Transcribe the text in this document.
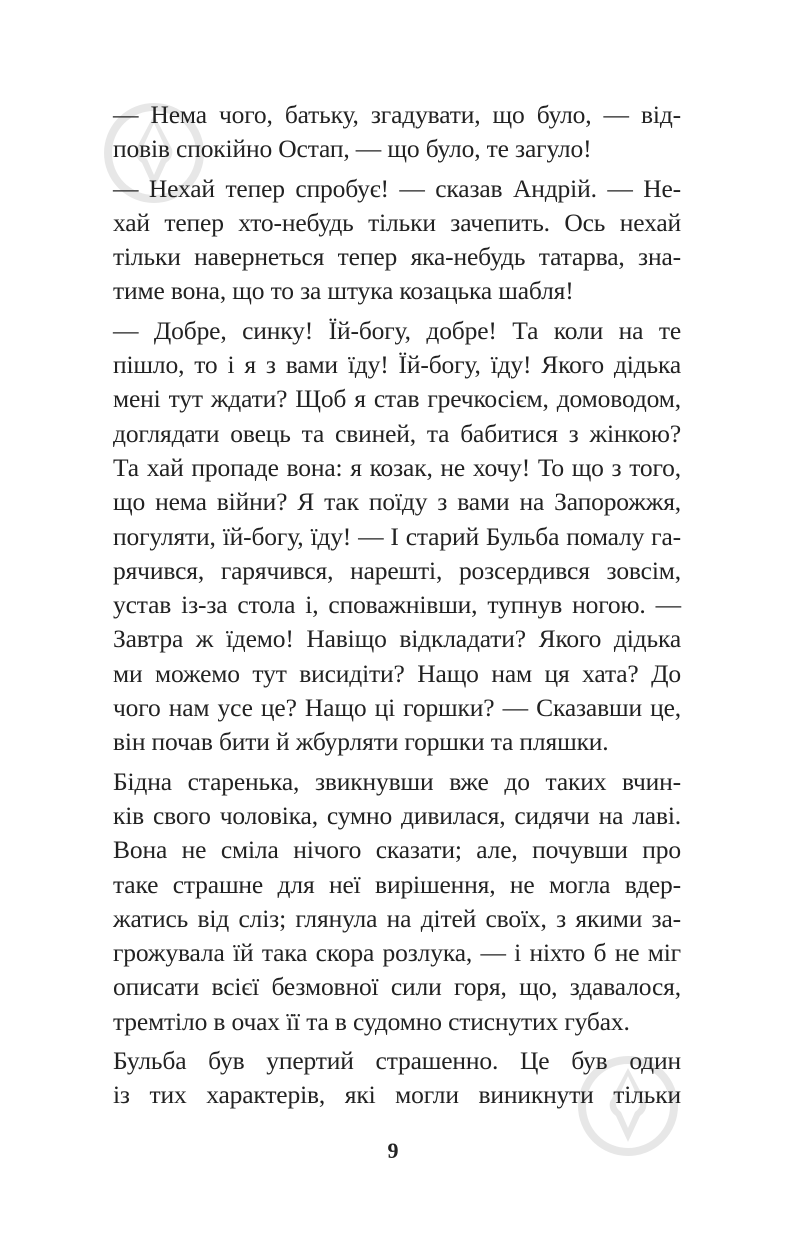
— Нема чого, батьку, згадувати, що було, — від-
повів спокійно Остап, — що було, те загуло!
— Нехай тепер спробує! — сказав Андрій. — Не-
хай тепер хто-небудь тільки зачепить. Ось нехай
тільки навернеться тепер яка-небудь татарва, зна-
тиме вона, що то за штука козацька шабля!
— Добре, синку! Їй-богу, добре! Та коли на те
пішло, то і я з вами їду! Їй-богу, їду! Якого дідька
мені тут ждати? Щоб я став гречкосієм, домоводом,
доглядати овець та свиней, та бабитися з жінкою?
Та хай пропаде вона: я козак, не хочу! То що з того,
що нема війни? Я так поїду з вами на Запорожжя,
погуляти, їй-богу, їду! — І старий Бульба помалу га-
рячився, гарячився, нарешті, розсердився зовсім,
устав із-за стола і, споважнівши, тупнув ногою. —
Завтра ж їдемо! Навіщо відкладати? Якого дідька
ми можемо тут висидіти? Нащо нам ця хата? До
чого нам усе це? Нащо ці горшки? — Сказавши це,
він почав бити й жбурляти горшки та пляшки.
Бідна старенька, звикнувши вже до таких вчин-
ків свого чоловіка, сумно дивилася, сидячи на лаві.
Вона не сміла нічого сказати; але, почувши про
таке страшне для неї вирішення, не могла вдер-
жатись від сліз; глянула на дітей своїх, з якими за-
грожувала їй така скора розлука, — і ніхто б не міг
описати всієї безмовної сили горя, що, здавалося,
тремтіло в очах її та в судомно стиснутих губах.
Бульба був упертий страшенно. Це був один
із тих характерів, які могли виникнути тільки
9
